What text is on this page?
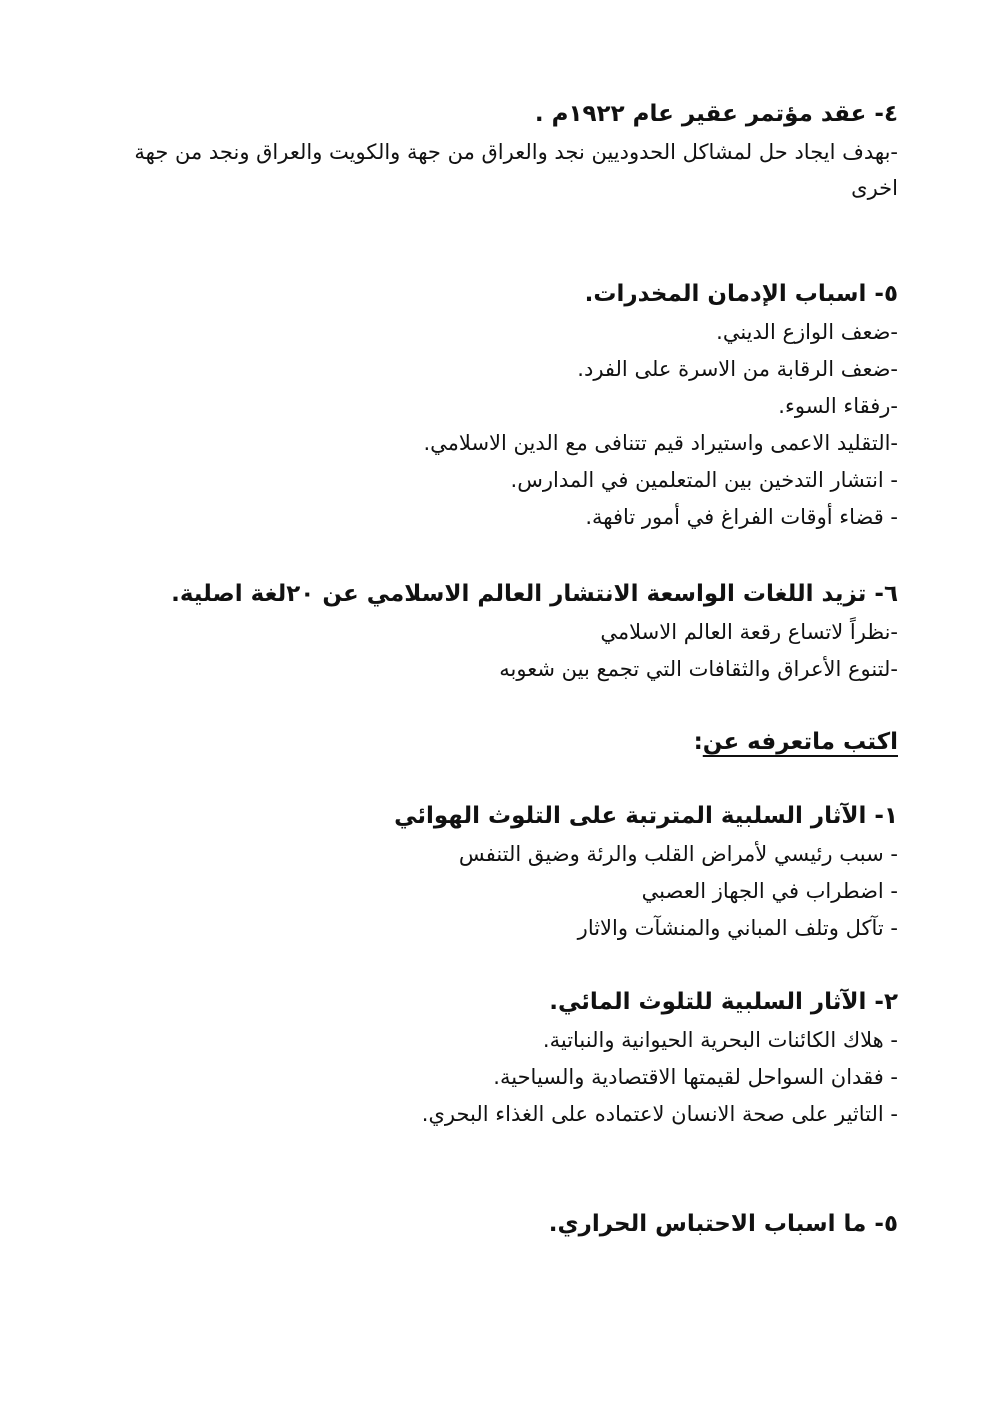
٤- عقد مؤتمر عقير عام ١٩٢٢م .
-بهدف ايجاد حل لمشاكل الحدوديين نجد والعراق من جهة والكويت والعراق ونجد من جهة اخرى
٥- اسباب الإدمان المخدرات.
-ضعف الوازع الديني.
-ضعف الرقابة من الاسرة على الفرد.
-رفقاء السوء.
-التقليد الاعمى واستيراد قيم تتنافى مع الدين الاسلامي.
- انتشار التدخين بين المتعلمين في المدارس.
- قضاء أوقات الفراغ في أمور تافهة.
٦- تزيد اللغات الواسعة الانتشار العالم الاسلامي عن ٢٠لغة اصلية.
-نظراً لاتساع رقعة العالم الاسلامي
-لتنوع الأعراق والثقافات التي تجمع بين شعوبه
اكتب ماتعرفه عن:
١- الآثار السلبية المترتبة على التلوث الهوائي
- سبب رئيسي لأمراض القلب والرئة وضيق التنفس
- اضطراب في الجهاز العصبي
- تآكل وتلف المباني والمنشآت والاثار
٢- الآثار السلبية للتلوث المائي.
- هلاك الكائنات البحرية الحيوانية والنباتية.
- فقدان السواحل لقيمتها الاقتصادية والسياحية.
- التاثير على صحة الانسان لاعتماده على الغذاء البحري.
٥- ما اسباب الاحتباس الحراري.
